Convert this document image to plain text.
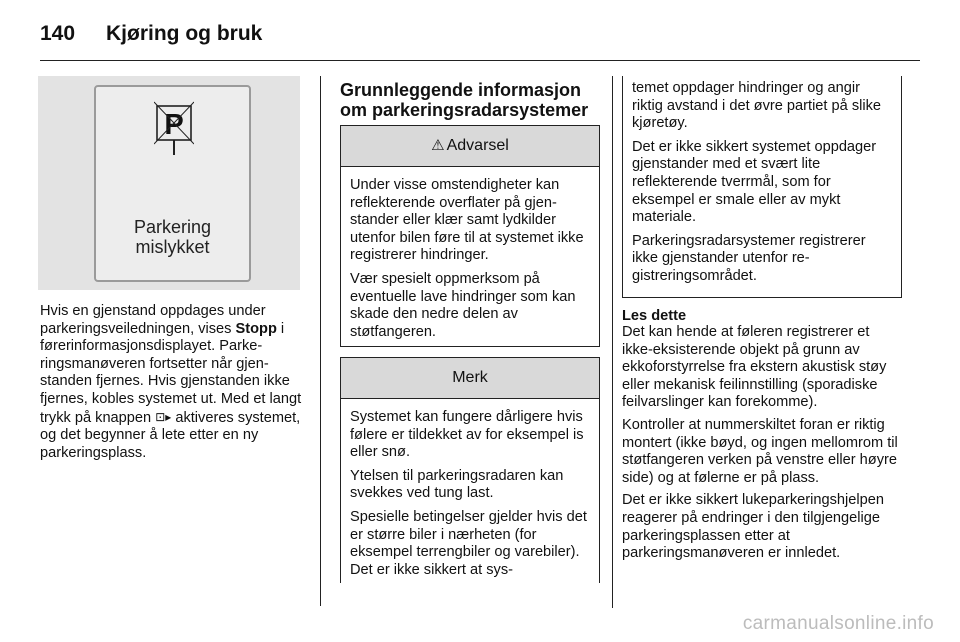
140 Kjøring og bruk
P
Parkering
mislykket

Hvis en gjenstand oppdages under parkeringsveiledningen, vises Stopp i førerinformasjonsdisplayet. Parkeringsmanøveren fortsetter når gjenstanden fjernes. Hvis gjenstanden ikke fjernes, kobles systemet ut. Med et langt trykk på knappen ⊡▸ aktiveres systemet, og det begynner å lete etter en ny parkeringsplass.

Grunnleggende informasjon om parkeringsradarsystemer
⚠ Advarsel

Under visse omstendigheter kan reflekterende overflater på gjenstander eller klær samt lydkilder utenfor bilen føre til at systemet ikke registrerer hindringer.

Vær spesielt oppmerksom på eventuelle lave hindringer som kan skade den nedre delen av støtfangeren.

Merk

Systemet kan fungere dårligere hvis følere er tildekket av for eksempel is eller snø.

Ytelsen til parkeringsradaren kan svekkes ved tung last.

Spesielle betingelser gjelder hvis det er større biler i nærheten (for eksempel terrengbiler og varebiler). Det er ikke sikkert at sys-

temet oppdager hindringer og angir riktig avstand i det øvre partiet på slike kjøretøy.

Det er ikke sikkert systemet oppdager gjenstander med et svært lite reflekterende tverrmål, som for eksempel er smale eller av mykt materiale.

Parkeringsradarsystemer registrerer ikke gjenstander utenfor registreringsområdet.

Les dette

Det kan hende at føleren registrerer et ikke-eksisterende objekt på grunn av ekkoforstyrrelse fra ekstern akustisk støy eller mekanisk feilinnstilling (sporadiske feilvarslinger kan forekomme).

Kontroller at nummerskiltet foran er riktig montert (ikke bøyd, og ingen mellomrom til støtfangeren verken på venstre eller høyre side) og at følerne er på plass.

Det er ikke sikkert lukeparkeringshjelpen reagerer på endringer i den tilgjengelige parkeringsplassen etter at parkeringsmanøveren er innledet.

carmanualsonline.info
